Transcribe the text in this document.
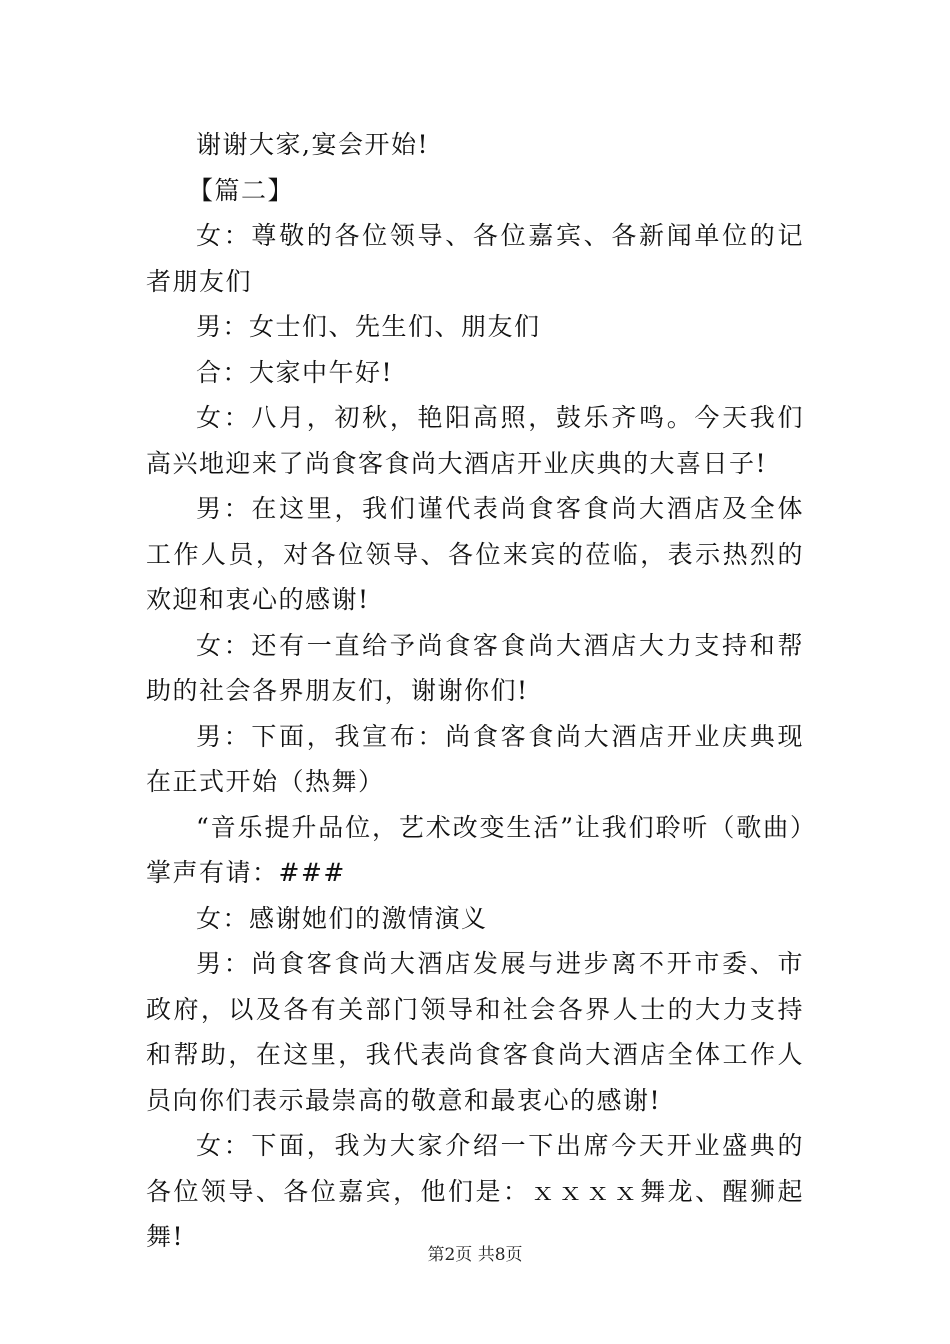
谢谢大家,宴会开始!

【篇二】

女：尊敬的各位领导、各位嘉宾、各新闻单位的记者朋友们

男：女士们、先生们、朋友们

合：大家中午好!

女：八月，初秋，艳阳高照，鼓乐齐鸣。今天我们高兴地迎来了尚食客食尚大酒店开业庆典的大喜日子!

男：在这里，我们谨代表尚食客食尚大酒店及全体工作人员，对各位领导、各位来宾的莅临，表示热烈的欢迎和衷心的感谢!

女：还有一直给予尚食客食尚大酒店大力支持和帮助的社会各界朋友们，谢谢你们!

男：下面，我宣布：尚食客食尚大酒店开业庆典现在正式开始（热舞）

“音乐提升品位，艺术改变生活”让我们聆听（歌曲）掌声有请：###

女：感谢她们的激情演义

男：尚食客食尚大酒店发展与进步离不开市委、市政府，以及各有关部门领导和社会各界人士的大力支持和帮助，在这里，我代表尚食客食尚大酒店全体工作人员向你们表示最崇高的敬意和最衷心的感谢!

女：下面，我为大家介绍一下出席今天开业盛典的各位领导、各位嘉宾，他们是：ｘｘｘｘ舞龙、醒狮起舞!

第2页 共8页
